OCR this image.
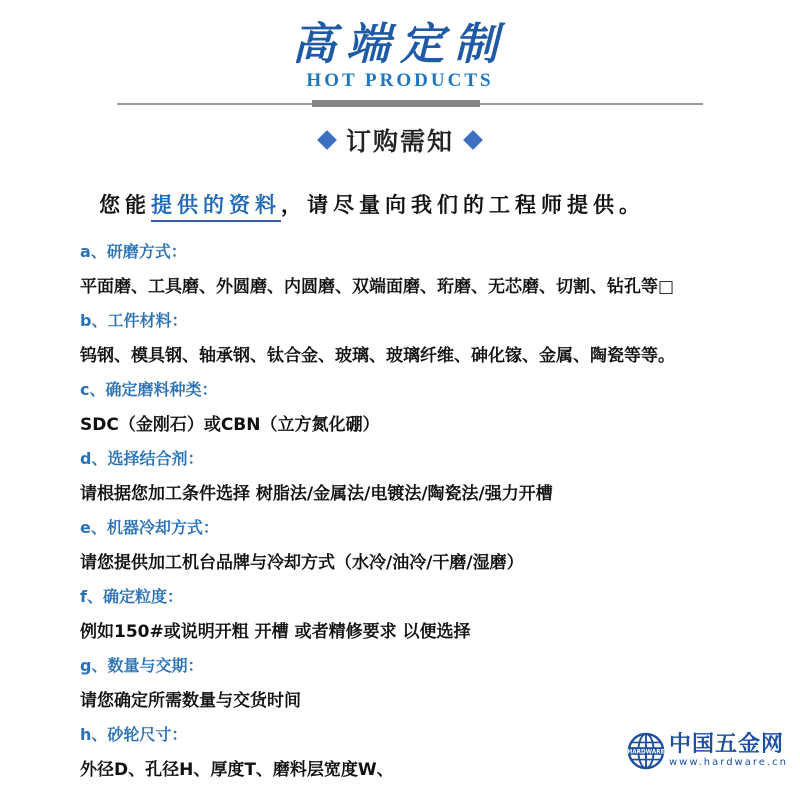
高端定制
HOT PRODUCTS
订购需知
您能提供的资料，请尽量向我们的工程师提供。
a、研磨方式：
平面磨、工具磨、外圆磨、内圆磨、双端面磨、珩磨、无芯磨、切割、钻孔等□
b、工件材料：
钨钢、模具钢、轴承钢、钛合金、玻璃、玻璃纤维、砷化镓、金属、陶瓷等等。
c、确定磨料种类：
SDC（金刚石）或CBN（立方氮化硼）
d、选择结合剂：
请根据您加工条件选择 树脂法/金属法/电镀法/陶瓷法/强力开槽
e、机器冷却方式：
请您提供加工机台品牌与冷却方式（水冷/油冷/干磨/湿磨）
f、确定粒度：
例如150#或说明开粗 开槽 或者精修要求 以便选择
g、数量与交期：
请您确定所需数量与交货时间
h、砂轮尺寸：
外径D、孔径H、厚度T、磨料层宽度W、
HARDWARE 中国五金网
www.hardware.cn
